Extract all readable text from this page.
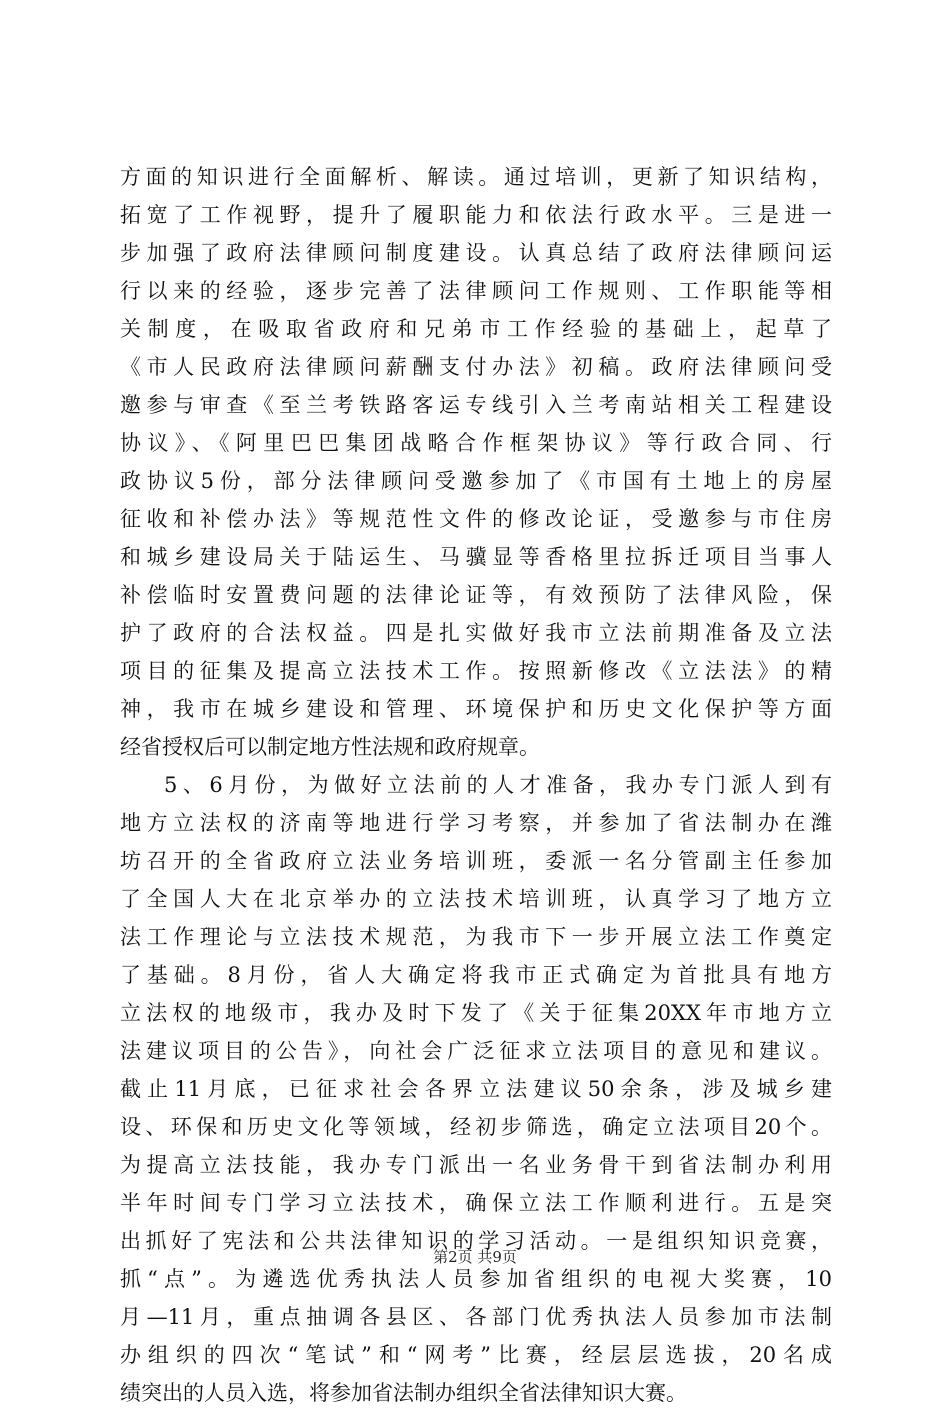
方面的知识进行全面解析、解读。通过培训，更新了知识结构，
拓宽了工作视野，提升了履职能力和依法行政水平。三是进一
步加强了政府法律顾问制度建设。认真总结了政府法律顾问运
行以来的经验，逐步完善了法律顾问工作规则、工作职能等相
关制度，在吸取省政府和兄弟市工作经验的基础上，起草了
《市人民政府法律顾问薪酬支付办法》初稿。政府法律顾问受
邀参与审查《至兰考铁路客运专线引入兰考南站相关工程建设
协议》、《阿里巴巴集团战略合作框架协议》等行政合同、行
政协议5份，部分法律顾问受邀参加了《市国有土地上的房屋
征收和补偿办法》等规范性文件的修改论证，受邀参与市住房
和城乡建设局关于陆运生、马骥显等香格里拉拆迁项目当事人
补偿临时安置费问题的法律论证等，有效预防了法律风险，保
护了政府的合法权益。四是扎实做好我市立法前期准备及立法
项目的征集及提高立法技术工作。按照新修改《立法法》的精
神，我市在城乡建设和管理、环境保护和历史文化保护等方面
经省授权后可以制定地方性法规和政府规章。
5、6月份，为做好立法前的人才准备，我办专门派人到有
地方立法权的济南等地进行学习考察，并参加了省法制办在潍
坊召开的全省政府立法业务培训班，委派一名分管副主任参加
了全国人大在北京举办的立法技术培训班，认真学习了地方立
法工作理论与立法技术规范，为我市下一步开展立法工作奠定
了基础。8月份，省人大确定将我市正式确定为首批具有地方
立法权的地级市，我办及时下发了《关于征集20XX年市地方立
法建议项目的公告》，向社会广泛征求立法项目的意见和建议。
截止11月底，已征求社会各界立法建议50余条，涉及城乡建
设、环保和历史文化等领域，经初步筛选，确定立法项目20个。
为提高立法技能，我办专门派出一名业务骨干到省法制办利用
半年时间专门学习立法技术，确保立法工作顺利进行。五是突
出抓好了宪法和公共法律知识的学习活动。一是组织知识竞赛，
抓“点”。为遴选优秀执法人员参加省组织的电视大奖赛，10
月—11月，重点抽调各县区、各部门优秀执法人员参加市法制
办组织的四次“笔试”和“网考”比赛，经层层选拔，20名成
绩突出的人员入选，将参加省法制办组织全省法律知识大赛。
第2页 共9页
